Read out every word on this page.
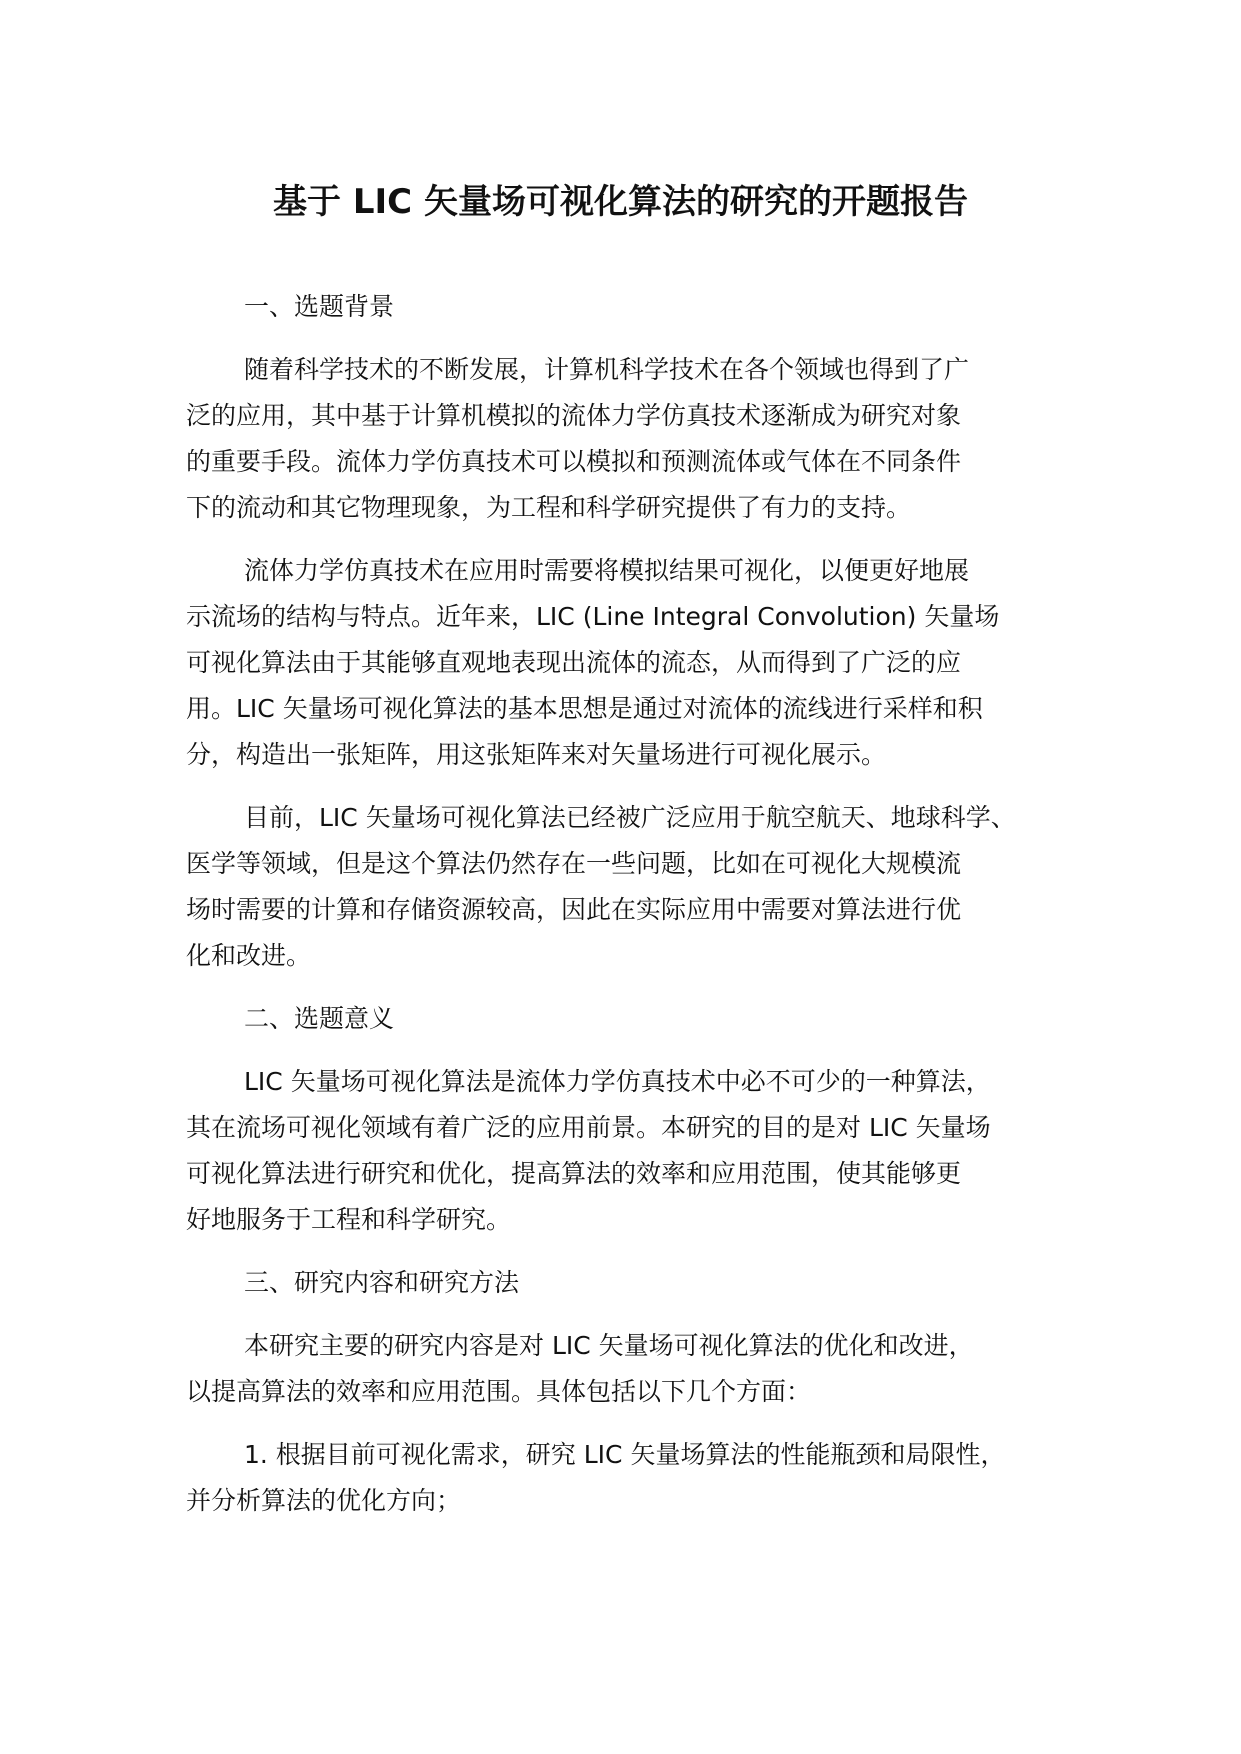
基于 LIC 矢量场可视化算法的研究的开题报告
一、选题背景
随着科学技术的不断发展，计算机科学技术在各个领域也得到了广
泛的应用，其中基于计算机模拟的流体力学仿真技术逐渐成为研究对象
的重要手段。流体力学仿真技术可以模拟和预测流体或气体在不同条件
下的流动和其它物理现象，为工程和科学研究提供了有力的支持。
流体力学仿真技术在应用时需要将模拟结果可视化，以便更好地展
示流场的结构与特点。近年来，LIC (Line Integral Convolution) 矢量场
可视化算法由于其能够直观地表现出流体的流态，从而得到了广泛的应
用。LIC 矢量场可视化算法的基本思想是通过对流体的流线进行采样和积
分，构造出一张矩阵，用这张矩阵来对矢量场进行可视化展示。
目前，LIC 矢量场可视化算法已经被广泛应用于航空航天、地球科学、
医学等领域，但是这个算法仍然存在一些问题，比如在可视化大规模流
场时需要的计算和存储资源较高，因此在实际应用中需要对算法进行优
化和改进。
二、选题意义
LIC 矢量场可视化算法是流体力学仿真技术中必不可少的一种算法，
其在流场可视化领域有着广泛的应用前景。本研究的目的是对 LIC 矢量场
可视化算法进行研究和优化，提高算法的效率和应用范围，使其能够更
好地服务于工程和科学研究。
三、研究内容和研究方法
本研究主要的研究内容是对 LIC 矢量场可视化算法的优化和改进，
以提高算法的效率和应用范围。具体包括以下几个方面：
1. 根据目前可视化需求，研究 LIC 矢量场算法的性能瓶颈和局限性，
并分析算法的优化方向；
